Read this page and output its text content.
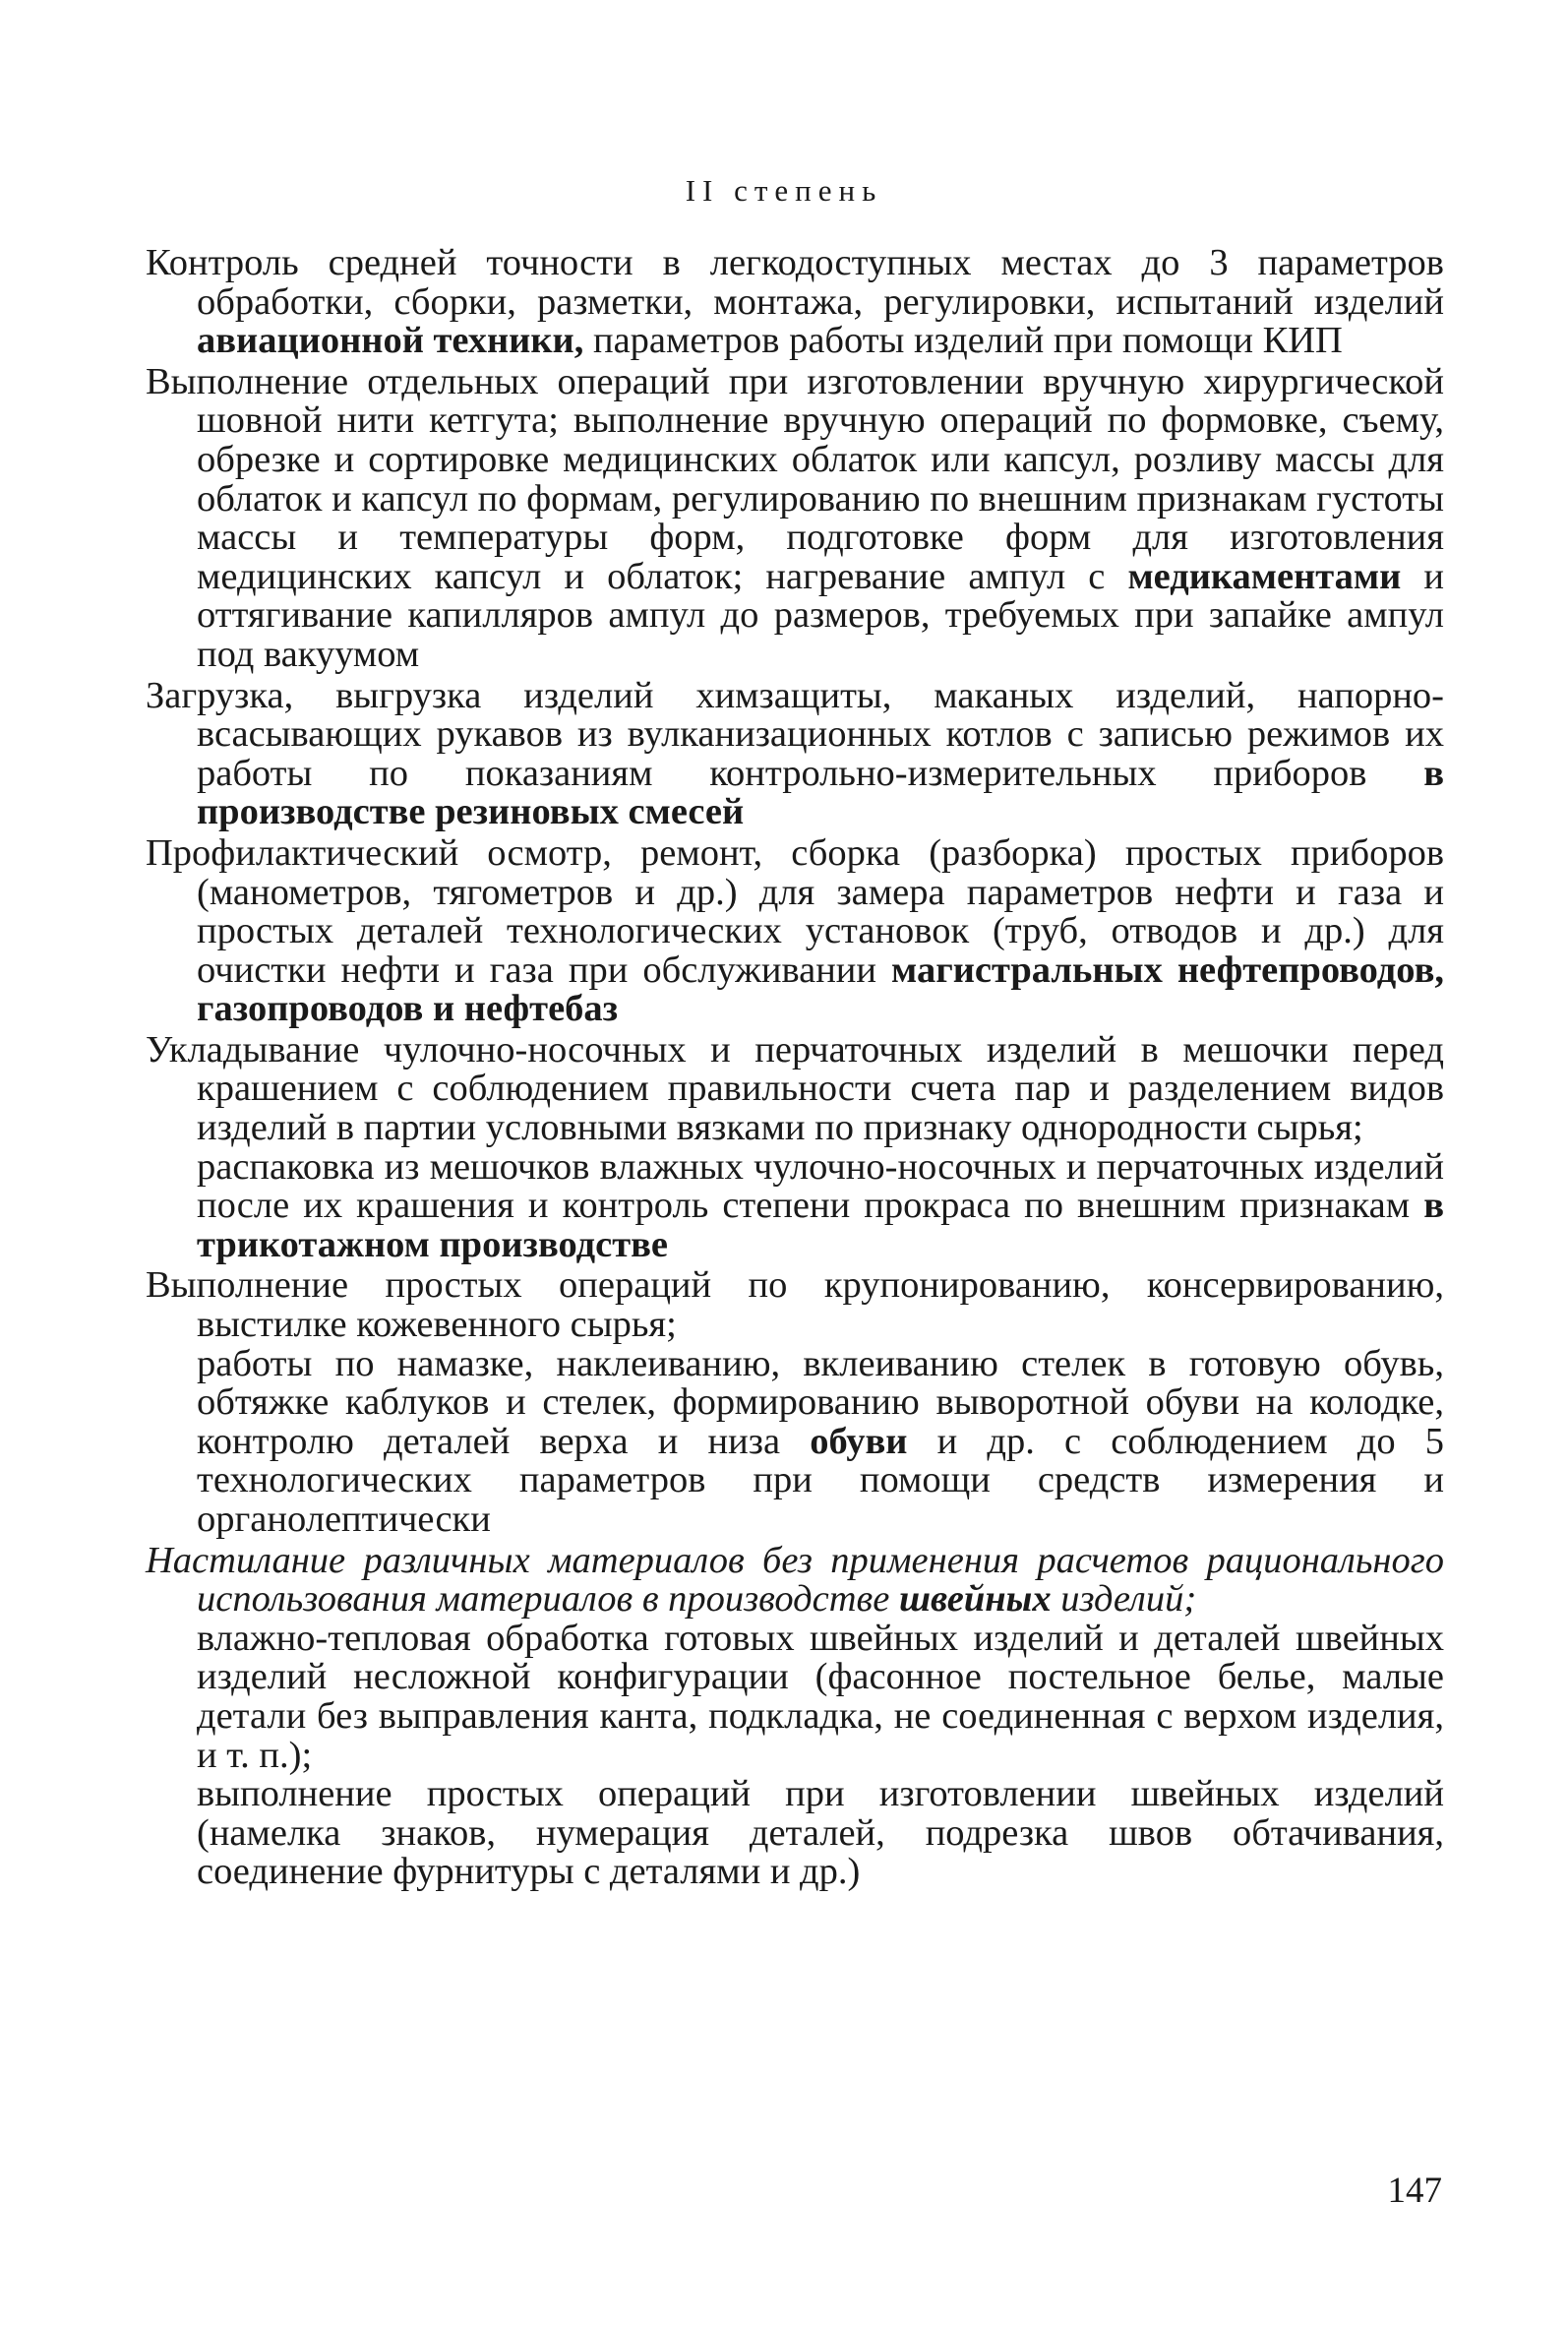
II степень

Контроль средней точности в легкодоступных местах до 3 параметров обработки, сборки, разметки, монтажа, регулировки, испытаний изделий авиационной техники, параметров работы изделий при помощи КИП

Выполнение отдельных операций при изготовлении вручную хирургической шовной нити кетгута; выполнение вручную операций по формовке, съему, обрезке и сортировке медицинских облаток или капсул, розливу массы для облаток и капсул по формам, регулированию по внешним признакам густоты массы и температуры форм, подготовке форм для изготовления медицинских капсул и облаток; нагревание ампул с медикаментами и оттягивание капилляров ампул до размеров, требуемых при запайке ампул под вакуумом

Загрузка, выгрузка изделий химзащиты, маканых изделий, напорно-всасывающих рукавов из вулканизационных котлов с записью режимов их работы по показаниям контрольно-измерительных приборов в производстве резиновых смесей

Профилактический осмотр, ремонт, сборка (разборка) простых приборов (манометров, тягометров и др.) для замера параметров нефти и газа и простых деталей технологических установок (труб, отводов и др.) для очистки нефти и газа при обслуживании магистральных нефтепроводов, газопроводов и нефтебаз

Укладывание чулочно-носочных и перчаточных изделий в мешочки перед крашением с соблюдением правильности счета пар и разделением видов изделий в партии условными вязками по признаку однородности сырья;

распаковка из мешочков влажных чулочно-носочных и перчаточных изделий после их крашения и контроль степени прокраса по внешним признакам в трикотажном производстве

Выполнение простых операций по крупонированию, консервированию, выстилке кожевенного сырья;

работы по намазке, наклеиванию, вклеиванию стелек в готовую обувь, обтяжке каблуков и стелек, формированию выворотной обуви на колодке, контролю деталей верха и низа обуви и др. с соблюдением до 5 технологических параметров при помощи средств измерения и органолептически

Настилание различных материалов без применения расчетов рационального использования материалов в производстве швейных изделий;

влажно-тепловая обработка готовых швейных изделий и деталей швейных изделий несложной конфигурации (фасонное постельное белье, малые детали без выправления канта, подкладка, не соединенная с верхом изделия, и т. п.);

выполнение простых операций при изготовлении швейных изделий (намелка знаков, нумерация деталей, подрезка швов обтачивания, соединение фурнитуры с деталями и др.)

147
